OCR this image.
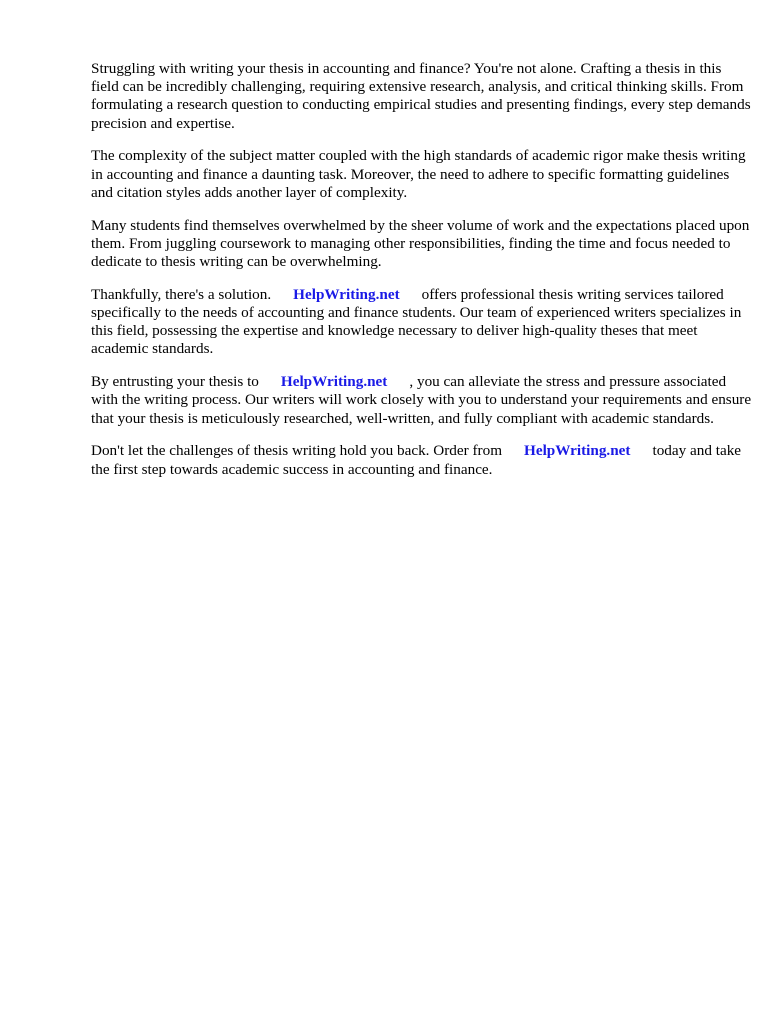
Struggling with writing your thesis in accounting and finance? You're not alone. Crafting a thesis in this field can be incredibly challenging, requiring extensive research, analysis, and critical thinking skills. From formulating a research question to conducting empirical studies and presenting findings, every step demands precision and expertise.

The complexity of the subject matter coupled with the high standards of academic rigor make thesis writing in accounting and finance a daunting task. Moreover, the need to adhere to specific formatting guidelines and citation styles adds another layer of complexity.

Many students find themselves overwhelmed by the sheer volume of work and the expectations placed upon them. From juggling coursework to managing other responsibilities, finding the time and focus needed to dedicate to thesis writing can be overwhelming.

Thankfully, there's a solution. HelpWriting.net offers professional thesis writing services tailored specifically to the needs of accounting and finance students. Our team of experienced writers specializes in this field, possessing the expertise and knowledge necessary to deliver high-quality theses that meet academic standards.

By entrusting your thesis to HelpWriting.net , you can alleviate the stress and pressure associated with the writing process. Our writers will work closely with you to understand your requirements and ensure that your thesis is meticulously researched, well-written, and fully compliant with academic standards.

Don't let the challenges of thesis writing hold you back. Order from HelpWriting.net today and take the first step towards academic success in accounting and finance.
